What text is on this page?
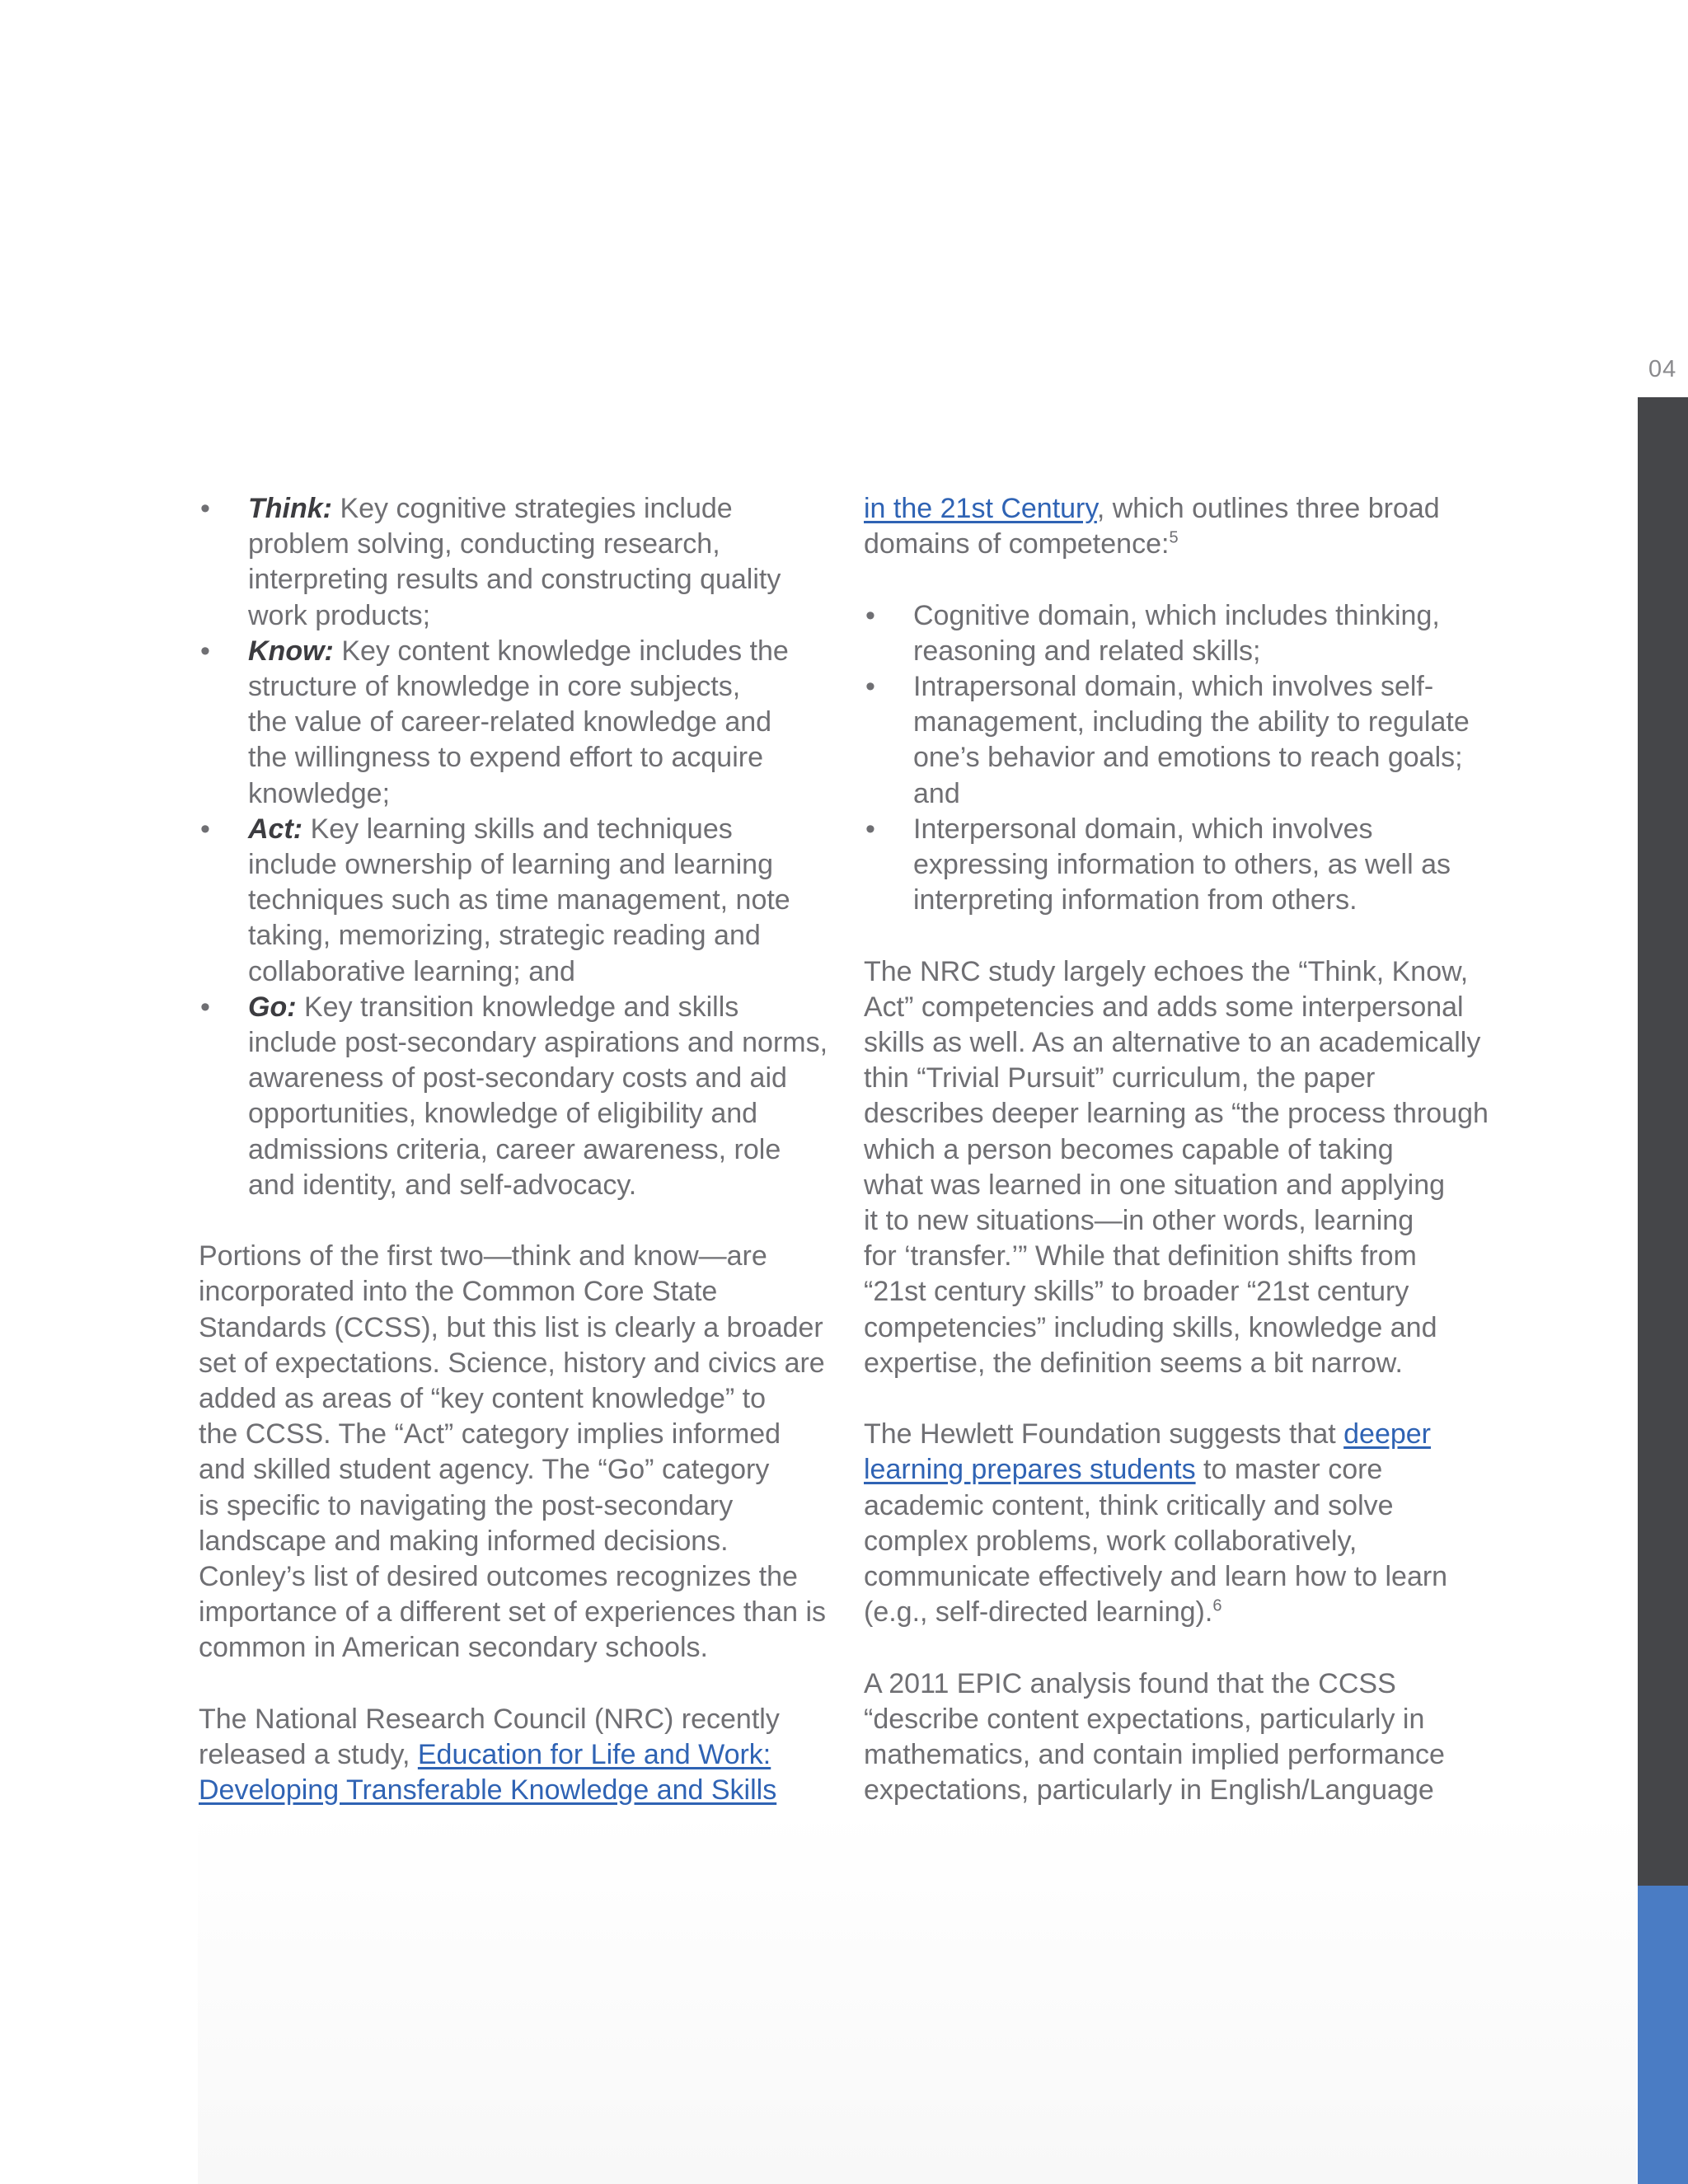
04
• Think: Key cognitive strategies include
problem solving, conducting research,
interpreting results and constructing quality
work products;
• Know: Key content knowledge includes the
structure of knowledge in core subjects,
the value of career-related knowledge and
the willingness to expend effort to acquire
knowledge;
• Act: Key learning skills and techniques
include ownership of learning and learning
techniques such as time management, note
taking, memorizing, strategic reading and
collaborative learning; and
• Go: Key transition knowledge and skills
include post-secondary aspirations and norms,
awareness of post-secondary costs and aid
opportunities, knowledge of eligibility and
admissions criteria, career awareness, role
and identity, and self-advocacy.

Portions of the first two—think and know—are
incorporated into the Common Core State
Standards (CCSS), but this list is clearly a broader
set of expectations. Science, history and civics are
added as areas of “key content knowledge” to
the CCSS. The “Act” category implies informed
and skilled student agency. The “Go” category
is specific to navigating the post-secondary
landscape and making informed decisions.
Conley’s list of desired outcomes recognizes the
importance of a different set of experiences than is
common in American secondary schools.

The National Research Council (NRC) recently
released a study, Education for Life and Work:
Developing Transferable Knowledge and Skills

in the 21st Century, which outlines three broad
domains of competence:$^5$

• Cognitive domain, which includes thinking,
reasoning and related skills;
• Intrapersonal domain, which involves self-
management, including the ability to regulate
one’s behavior and emotions to reach goals;
and
• Interpersonal domain, which involves
expressing information to others, as well as
interpreting information from others.

The NRC study largely echoes the “Think, Know,
Act” competencies and adds some interpersonal
skills as well. As an alternative to an academically
thin “Trivial Pursuit” curriculum, the paper
describes deeper learning as “the process through
which a person becomes capable of taking
what was learned in one situation and applying
it to new situations—in other words, learning
for ‘transfer.’” While that definition shifts from
“21st century skills” to broader “21st century
competencies” including skills, knowledge and
expertise, the definition seems a bit narrow.

The Hewlett Foundation suggests that deeper
learning prepares students to master core
academic content, think critically and solve
complex problems, work collaboratively,
communicate effectively and learn how to learn
(e.g., self-directed learning).$^6$

A 2011 EPIC analysis found that the CCSS
“describe content expectations, particularly in
mathematics, and contain implied performance
expectations, particularly in English/Language
